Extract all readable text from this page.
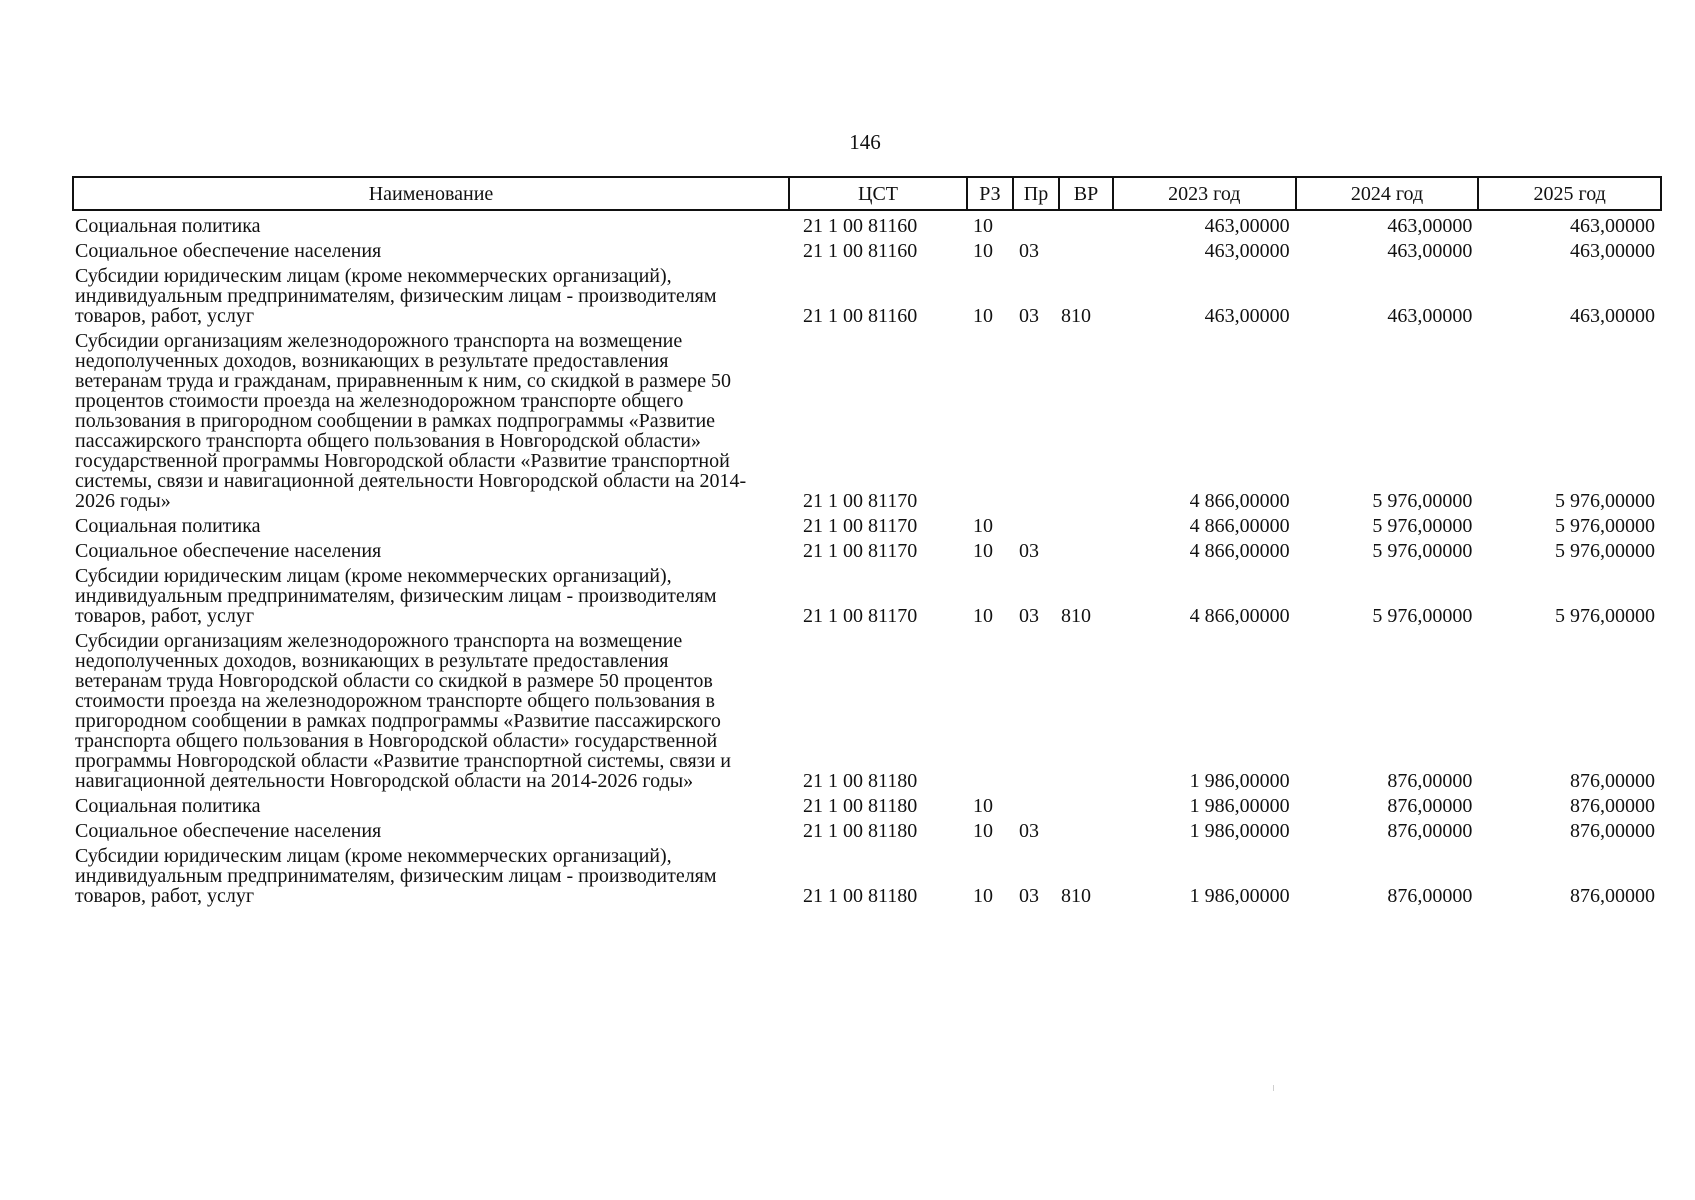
146
Наименование	ЦСТ	РЗ	Пр	ВР	2023 год	2024 год	2025 год
Социальная политика	21 1 00 81160	10			463,00000	463,00000	463,00000
Социальное обеспечение населения	21 1 00 81160	10	03		463,00000	463,00000	463,00000
Субсидии юридическим лицам (кроме некоммерческих организаций), индивидуальным предпринимателям, физическим лицам - производителям товаров, работ, услуг	21 1 00 81160	10	03	810	463,00000	463,00000	463,00000
Субсидии организациям железнодорожного транспорта на возмещение недополученных доходов, возникающих в результате предоставления ветеранам труда и гражданам, приравненным к ним, со скидкой в размере 50 процентов стоимости проезда на железнодорожном транспорте общего пользования в пригородном сообщении в рамках подпрограммы «Развитие пассажирского транспорта общего пользования в Новгородской области» государственной программы Новгородской области «Развитие транспортной системы, связи и навигационной деятельности Новгородской области на 2014-2026 годы»	21 1 00 81170				4 866,00000	5 976,00000	5 976,00000
Социальная политика	21 1 00 81170	10			4 866,00000	5 976,00000	5 976,00000
Социальное обеспечение населения	21 1 00 81170	10	03		4 866,00000	5 976,00000	5 976,00000
Субсидии юридическим лицам (кроме некоммерческих организаций), индивидуальным предпринимателям, физическим лицам - производителям товаров, работ, услуг	21 1 00 81170	10	03	810	4 866,00000	5 976,00000	5 976,00000
Субсидии организациям железнодорожного транспорта на возмещение недополученных доходов, возникающих в результате предоставления ветеранам труда Новгородской области со скидкой в размере 50 процентов стоимости проезда на железнодорожном транспорте общего пользования в пригородном сообщении в рамках подпрограммы «Развитие пассажирского транспорта общего пользования в Новгородской области» государственной программы Новгородской области «Развитие транспортной системы, связи и навигационной деятельности Новгородской области на 2014-2026 годы»	21 1 00 81180				1 986,00000	876,00000	876,00000
Социальная политика	21 1 00 81180	10			1 986,00000	876,00000	876,00000
Социальное обеспечение населения	21 1 00 81180	10	03		1 986,00000	876,00000	876,00000
Субсидии юридическим лицам (кроме некоммерческих организаций), индивидуальным предпринимателям, физическим лицам - производителям товаров, работ, услуг	21 1 00 81180	10	03	810	1 986,00000	876,00000	876,00000
